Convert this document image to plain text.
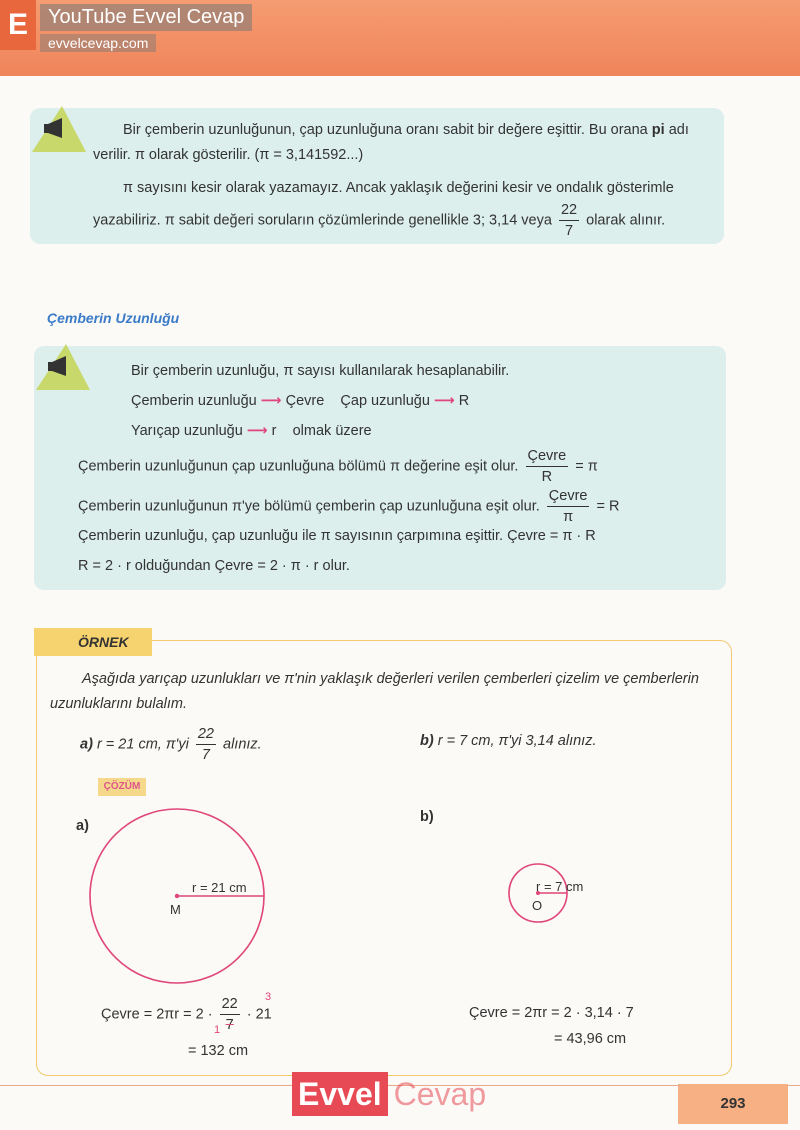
E	YouTube Evvel Cevap
evvelcevap.com
Bir çemberin uzunluğunun, çap uzunluğuna oranı sabit bir değere eşittir. Bu orana pi adı
verilir. π olarak gösterilir. (π = 3,141592...)
π sayısını kesir olarak yazamayız. Ancak yaklaşık değerini kesir ve ondalık gösterimle
yazabiliriz. π sabit değeri soruların çözümlerinde genellikle 3; 3,14 veya $\frac{22}{7}$ olarak alınır.
Çemberin Uzunluğu
Bir çemberin uzunluğu, π sayısı kullanılarak hesaplanabilir.
Çemberin uzunluğu ⟶ Çevre Çap uzunluğu ⟶ R
Yarıçap uzunluğu ⟶ r olmak üzere
Çemberin uzunluğunun çap uzunluğuna bölümü π değerine eşit olur. $\frac{\text{Çevre}}{R} = \pi$
Çemberin uzunluğunun π'ye bölümü çemberin çap uzunluğuna eşit olur. $\frac{\text{Çevre}}{\pi} = R$
Çemberin uzunluğu, çap uzunluğu ile π sayısının çarpımına eşittir. Çevre = π · R
R = 2 · r olduğundan Çevre = 2 · π · r olur.
ÖRNEK
Aşağıda yarıçap uzunlukları ve π'nin yaklaşık değerleri verilen çemberleri çizelim ve çemberlerin
uzunluklarını bulalım.
a) r = 21 cm, $\pi'yi \frac{22}{7}$ alınız.	b) r = 7 cm, π'yi 3,14 alınız.
ÇÖZÜM
a)
b)
r = 21 cm
M
r = 7 cm
O
Çevre = $2\pi r = 2 \cdot \frac{22}{7} \cdot 21$
3
1
= 132 cm
Çevre = 2πr = 2 · 3,14 · 7
= 43,96 cm
Evvel Cevap	293
